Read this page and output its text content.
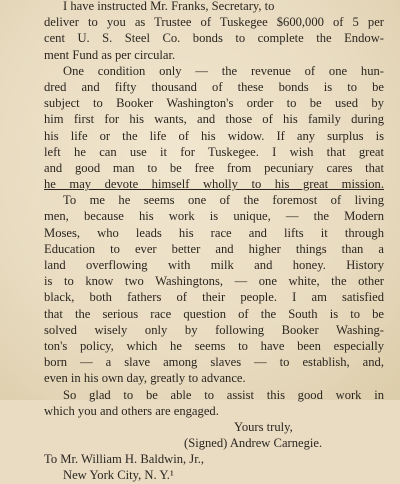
I have instructed Mr. Franks, Secretary, to
deliver to you as Trustee of Tuskegee $600,000 of 5 per
cent U. S. Steel Co. bonds to complete the Endow-
ment Fund as per circular.
One condition only — the revenue of one hun-
dred and fifty thousand of these bonds is to be
subject to Booker Washington's order to be used by
him first for his wants, and those of his family during
his life or the life of his widow. If any surplus is
left he can use it for Tuskegee. I wish that great
and good man to be free from pecuniary cares that
he may devote himself wholly to his great mission.
To me he seems one of the foremost of living
men, because his work is unique, — the Modern
Moses, who leads his race and lifts it through
Education to ever better and higher things than a
land overflowing with milk and honey. History
is to know two Washingtons, — one white, the other
black, both fathers of their people. I am satisfied
that the serious race question of the South is to be
solved wisely only by following Booker Washing-
ton's policy, which he seems to have been especially
born — a slave among slaves — to establish, and,
even in his own day, greatly to advance.
So glad to be able to assist this good work in
which you and others are engaged.
Yours truly,
(Signed) Andrew Carnegie.
To Mr. William H. Baldwin, Jr.,
New York City, N. Y.¹
